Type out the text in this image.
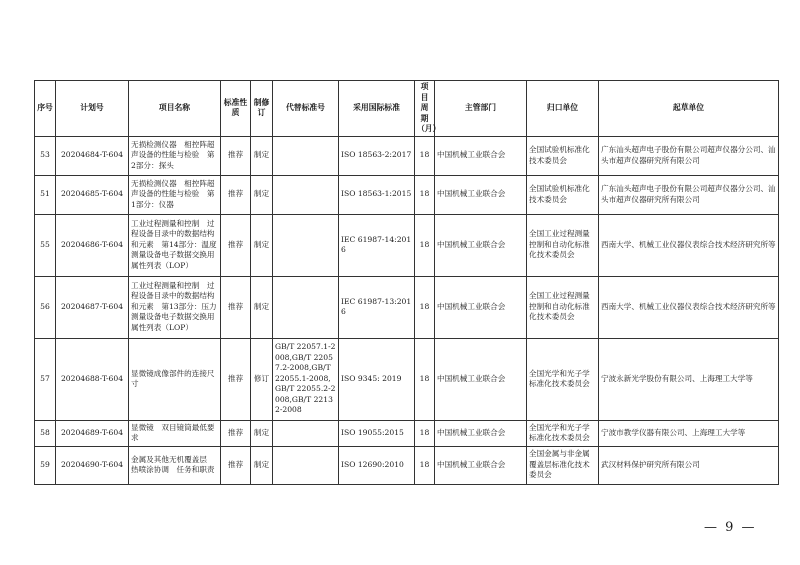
序号	计划号	项目名称	标准性质	制修订	代替标准号	采用国际标准	项目周期（月）	主管部门	归口单位	起草单位
53	20204684-T-604	无损检测仪器　相控阵超声设备的性能与检验　第2部分：探头	推荐	制定		ISO 18563-2:2017	18	中国机械工业联合会	全国试验机标准化技术委员会	广东汕头超声电子股份有限公司超声仪器分公司、汕头市超声仪器研究所有限公司
51	20204685-T-604	无损检测仪器　相控阵超声设备的性能与检验　第1部分：仪器	推荐	制定		ISO 18563-1:2015	18	中国机械工业联合会	全国试验机标准化技术委员会	广东汕头超声电子股份有限公司超声仪器分公司、汕头市超声仪器研究所有限公司
55	20204686-T-604	工业过程测量和控制　过程设备目录中的数据结构和元素　第14部分：温度测量设备电子数据交换用属性列表（LOP）	推荐	制定		IEC 61987-14:2016	18	中国机械工业联合会	全国工业过程测量控制和自动化标准化技术委员会	西南大学、机械工业仪器仪表综合技术经济研究所等
56	20204687-T-604	工业过程测量和控制　过程设备目录中的数据结构和元素　第13部分：压力测量设备电子数据交换用属性列表（LOP）	推荐	制定		IEC 61987-13:2016	18	中国机械工业联合会	全国工业过程测量控制和自动化标准化技术委员会	西南大学、机械工业仪器仪表综合技术经济研究所等
57	20204688-T-604	显微镜成像部件的连接尺寸	推荐	修订	GB/T 22057.1-2008,GB/T 22057.2-2008,GB/T 22055.1-2008,GB/T 22055.2-2008,GB/T 22132-2008	ISO 9345: 2019	18	中国机械工业联合会	全国光学和光子学标准化技术委员会	宁波永新光学股份有限公司、上海理工大学等
58	20204689-T-604	显微镜　双目镜筒最低要求	推荐	制定		ISO 19055:2015	18	中国机械工业联合会	全国光学和光子学标准化技术委员会	宁波市教学仪器有限公司、上海理工大学等
59	20204690-T-604	金属及其他无机覆盖层　热喷涂协调　任务和职责	推荐	制定		ISO 12690:2010	18	中国机械工业联合会	全国金属与非金属覆盖层标准化技术委员会	武汉材料保护研究所有限公司
— 9 —
